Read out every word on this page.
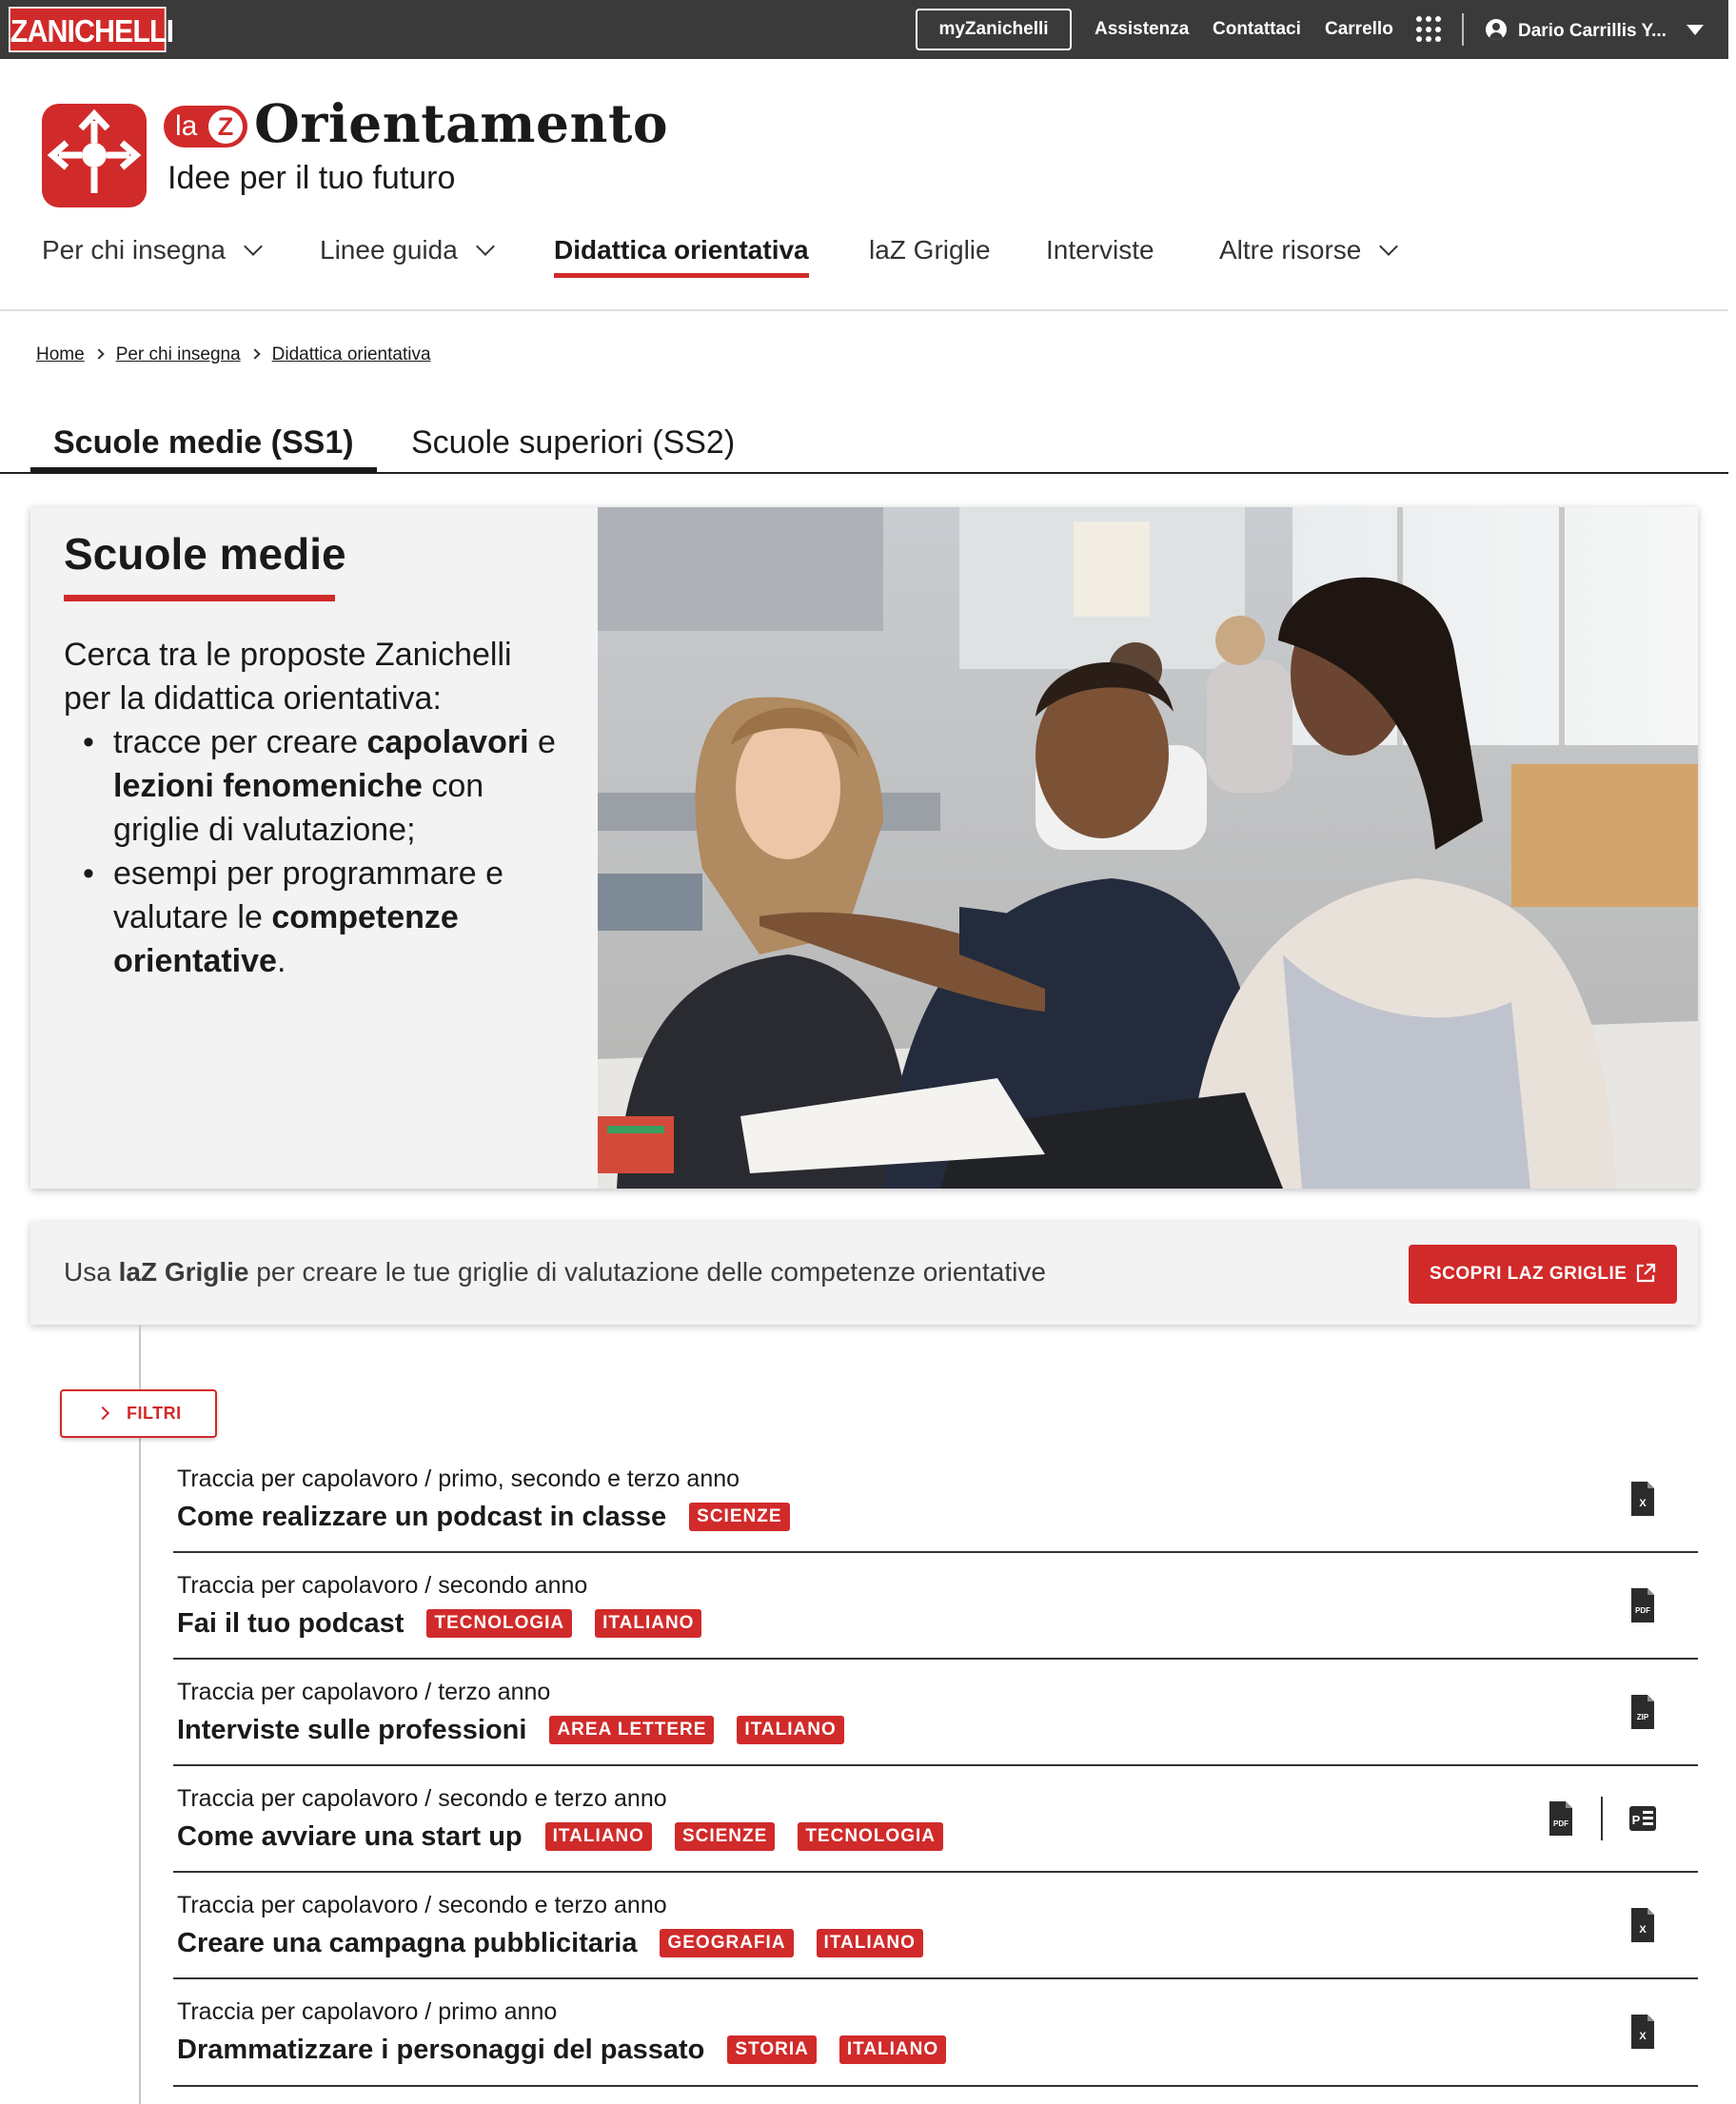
ZANICHELLI	myZanichelli	Assistenza Contattaci Carrello	Dario Carrillis Y...
la Z Orientamento
Idee per il tuo futuro
Per chi insegna	Linee guida	Didattica orientativa laZ Griglie Interviste Altre risorse
Home Per chi insegna Didattica orientativa
Scuole medie (SS1)	Scuole superiori (SS2)
Scuole medie

Cerca tra le proposte Zanichelli per la didattica orientativa:

• tracce per creare capolavori e lezioni fenomeniche con griglie di valutazione;
• esempi per programmare e valutare le competenze orientative.
Usa laZ Griglie per creare le tue griglie di valutazione delle competenze orientative	SCOPRI LAZ GRIGLIE
FILTRI
Traccia per capolavoro / primo, secondo e terzo anno
Come realizzare un podcast in classe	SCIENZE
X
Traccia per capolavoro / secondo anno
Fai il tuo podcast	TECNOLOGIA	ITALIANO
PDF
Traccia per capolavoro / terzo anno
Interviste sulle professioni	AREA LETTERE	ITALIANO
ZIP
Traccia per capolavoro / secondo e terzo anno
Come avviare una start up	ITALIANO	SCIENZE	TECNOLOGIA
PDF	P
Traccia per capolavoro / secondo e terzo anno
Creare una campagna pubblicitaria	GEOGRAFIA	ITALIANO
X
Traccia per capolavoro / primo anno
Drammatizzare i personaggi del passato	STORIA	ITALIANO
X
